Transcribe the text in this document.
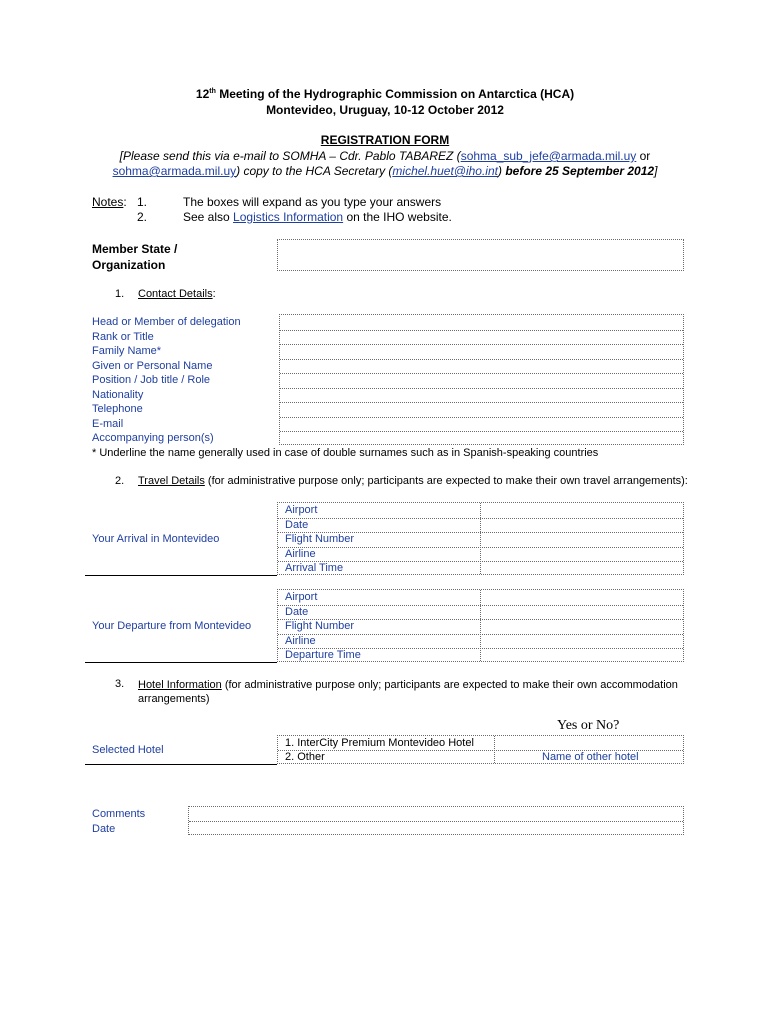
12th Meeting of the Hydrographic Commission on Antarctica (HCA)
Montevideo, Uruguay, 10-12 October 2012
REGISTRATION FORM
[Please send this via e-mail to SOMHA – Cdr. Pablo TABAREZ (sohma_sub_jefe@armada.mil.uy or
sohma@armada.mil.uy) copy to the HCA Secretary (michel.huet@iho.int) before 25 September 2012]
Notes: 1.	The boxes will expand as you type your answers
2.	See also Logistics Information on the IHO website.
Member State /
Organization
1. Contact Details:
Head or Member of delegation
Rank or Title
Family Name*
Given or Personal Name
Position / Job title / Role
Nationality
Telephone
E-mail
Accompanying person(s)
* Underline the name generally used in case of double surnames such as in Spanish-speaking countries
2. Travel Details (for administrative purpose only; participants are expected to make their own travel arrangements):
Your Arrival in Montevideo
Airport
Date
Flight Number
Airline
Arrival Time
Your Departure from Montevideo
Airport
Date
Flight Number
Airline
Departure Time
3. Hotel Information (for administrative purpose only; participants are expected to make their own accommodation
arrangements)
Yes or No?
Selected Hotel
1. InterCity Premium Montevideo Hotel
2. Other	Name of other hotel
Comments
Date
